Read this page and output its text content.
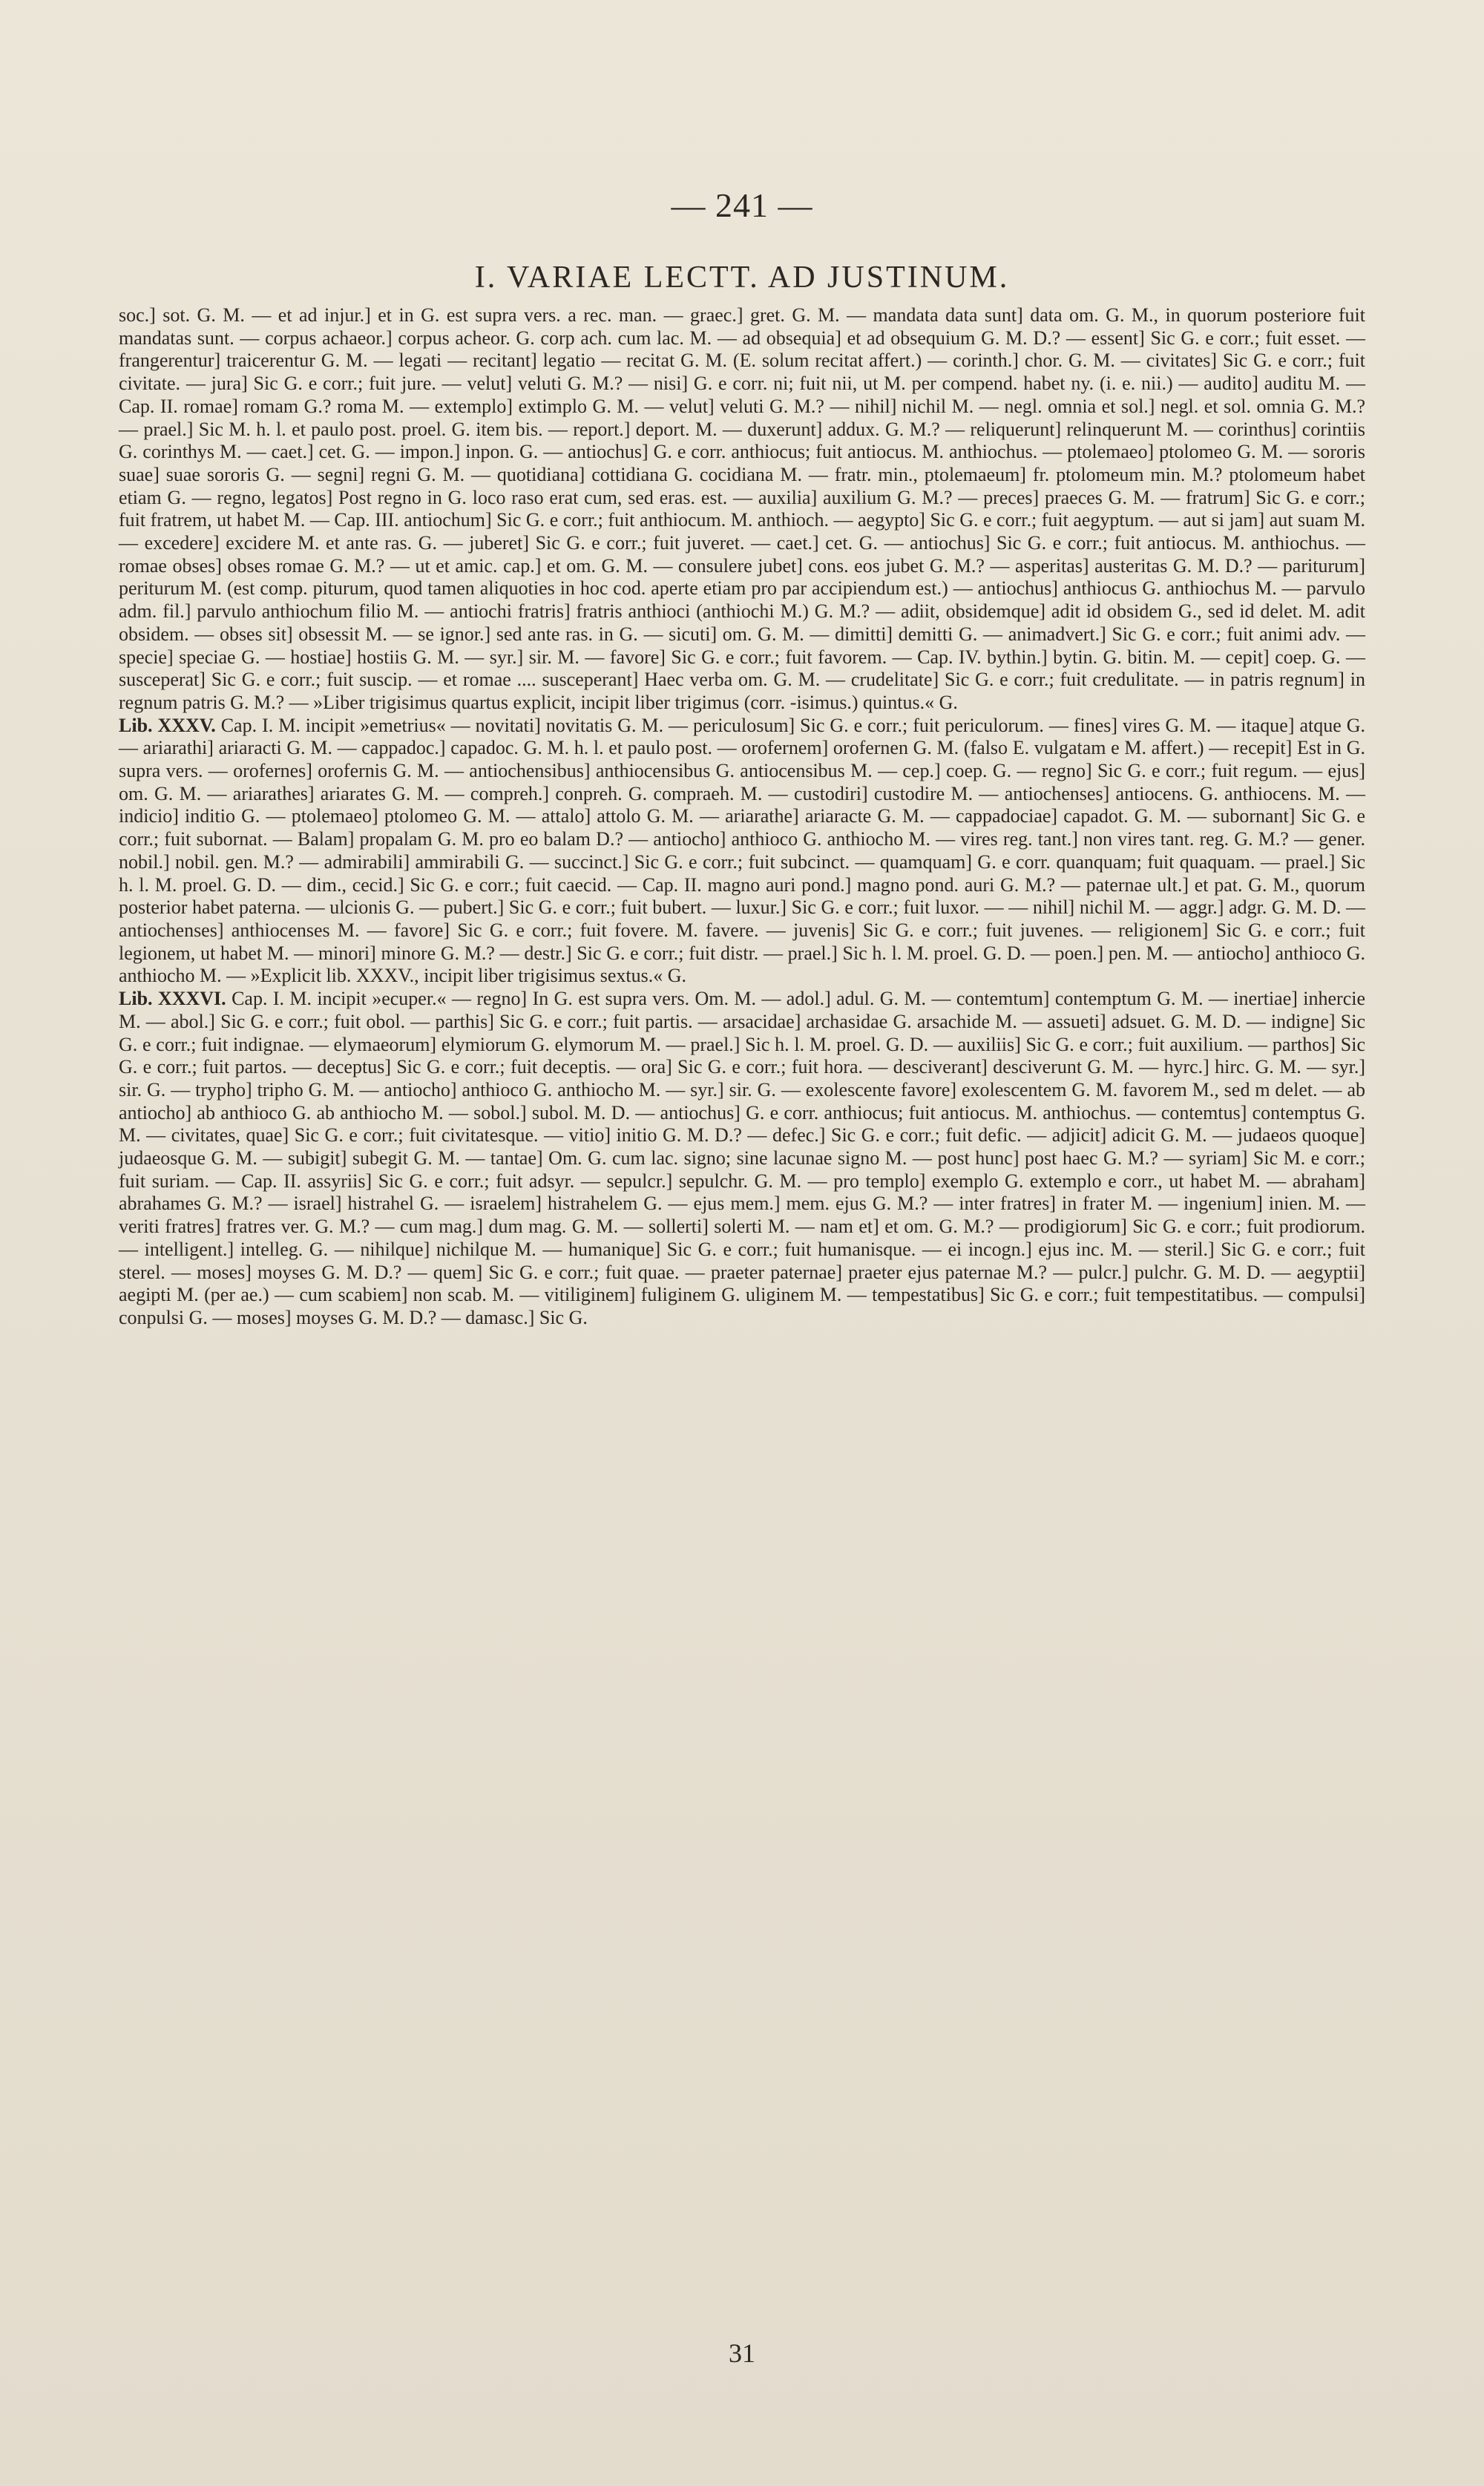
— 241 —
I. VARIAE LECTT. AD JUSTINUM.

soc.] sot. G. M. — et ad injur.] et in G. est supra vers. a rec. man. — graec.] gret. G. M. — mandata data sunt] data om. G. M., in quorum posteriore fuit mandatas sunt. — corpus achaeor.] corpus acheor. G. corp ach. cum lac. M. — ad obsequia] et ad obsequium G. M. D.? — essent] Sic G. e corr.; fuit esset. — frangerentur] traicerentur G. M. — legati — recitant] legatio — recitat G. M. (E. solum recitat affert.) — corinth.] chor. G. M. — civitates] Sic G. e corr.; fuit civitate. — jura] Sic G. e corr.; fuit jure. — velut] veluti G. M.? — nisi] G. e corr. ni; fuit nii, ut M. per compend. habet ny. (i. e. nii.) — audito] auditu M. — Cap. II. romae] romam G.? roma M. — extemplo] extimplo G. M. — velut] veluti G. M.? — nihil] nichil M. — negl. omnia et sol.] negl. et sol. omnia G. M.? — prael.] Sic M. h. l. et paulo post. proel. G. item bis. — report.] deport. M. — duxerunt] addux. G. M.? — reliquerunt] relinquerunt M. — corinthus] corintiis G. corinthys M. — caet.] cet. G. — impon.] inpon. G. — antiochus] G. e corr. anthiocus; fuit antiocus. M. anthiochus. — ptolemaeo] ptolomeo G. M. — sororis suae] suae sororis G. — segni] regni G. M. — quotidiana] cottidiana G. cocidiana M. — fratr. min., ptolemaeum] fr. ptolomeum min. M.? ptolomeum habet etiam G. — regno, legatos] Post regno in G. loco raso erat cum, sed eras. est. — auxilia] auxilium G. M.? — preces] praeces G. M. — fratrum] Sic G. e corr.; fuit fratrem, ut habet M. — Cap. III. antiochum] Sic G. e corr.; fuit anthiocum. M. anthioch. — aegypto] Sic G. e corr.; fuit aegyptum. — aut si jam] aut suam M. — excedere] excidere M. et ante ras. G. — juberet] Sic G. e corr.; fuit juveret. — caet.] cet. G. — antiochus] Sic G. e corr.; fuit antiocus. M. anthiochus. — romae obses] obses romae G. M.? — ut et amic. cap.] et om. G. M. — consulere jubet] cons. eos jubet G. M.? — asperitas] austeritas G. M. D.? — pariturum] periturum M. (est comp. piturum, quod tamen aliquoties in hoc cod. aperte etiam pro par accipiendum est.) — antiochus] anthiocus G. anthiochus M. — parvulo adm. fil.] parvulo anthiochum filio M. — antiochi fratris] fratris anthioci (anthiochi M.) G. M.? — adiit, obsidemque] adit id obsidem G., sed id delet. M. adit obsidem. — obses sit] obsessit M. — se ignor.] sed ante ras. in G. — sicuti] om. G. M. — dimitti] demitti G. — animadvert.] Sic G. e corr.; fuit animi adv. — specie] speciae G. — hostiae] hostiis G. M. — syr.] sir. M. — favore] Sic G. e corr.; fuit favorem. — Cap. IV. bythin.] bytin. G. bitin. M. — cepit] coep. G. — susceperat] Sic G. e corr.; fuit suscip. — et romae .... susceperant] Haec verba om. G. M. — crudelitate] Sic G. e corr.; fuit credulitate. — in patris regnum] in regnum patris G. M.? — »Liber trigisimus quartus explicit, incipit liber trigimus (corr. -isimus.) quintus.« G.

Lib. XXXV. Cap. I. M. incipit »emetrius« — novitati] novitatis G. M. — periculosum] Sic G. e corr.; fuit periculorum. — fines] vires G. M. — itaque] atque G. — ariarathi] ariaracti G. M. — cappadoc.] capadoc. G. M. h. l. et paulo post. — orofernem] orofernen G. M. (falso E. vulgatam e M. affert.) — recepit] Est in G. supra vers. — orofernes] orofernis G. M. — antiochensibus] anthiocensibus G. antiocensibus M. — cep.] coep. G. — regno] Sic G. e corr.; fuit regum. — ejus] om. G. M. — ariarathes] ariarates G. M. — compreh.] conpreh. G. compraeh. M. — custodiri] custodire M. — antiochenses] antiocens. G. anthiocens. M. — indicio] inditio G. — ptolemaeo] ptolomeo G. M. — attalo] attolo G. M. — ariarathe] ariaracte G. M. — cappadociae] capadot. G. M. — subornant] Sic G. e corr.; fuit subornat. — Balam] propalam G. M. pro eo balam D.? — antiocho] anthioco G. anthiocho M. — vires reg. tant.] non vires tant. reg. G. M.? — gener. nobil.] nobil. gen. M.? — admirabili] ammirabili G. — succinct.] Sic G. e corr.; fuit subcinct. — quamquam] G. e corr. quanquam; fuit quaquam. — prael.] Sic h. l. M. proel. G. D. — dim., cecid.] Sic G. e corr.; fuit caecid. — Cap. II. magno auri pond.] magno pond. auri G. M.? — paternae ult.] et pat. G. M., quorum posterior habet paterna. — ulcionis G. — pubert.] Sic G. e corr.; fuit bubert. — luxur.] Sic G. e corr.; fuit luxor. — — nihil] nichil M. — aggr.] adgr. G. M. D. — antiochenses] anthiocenses M. — favore] Sic G. e corr.; fuit fovere. M. favere. — juvenis] Sic G. e corr.; fuit juvenes. — religionem] Sic G. e corr.; fuit legionem, ut habet M. — minori] minore G. M.? — destr.] Sic G. e corr.; fuit distr. — prael.] Sic h. l. M. proel. G. D. — poen.] pen. M. — antiocho] anthioco G. anthiocho M. — »Explicit lib. XXXV., incipit liber trigisimus sextus.« G.

Lib. XXXVI. Cap. I. M. incipit »ecuper.« — regno] In G. est supra vers. Om. M. — adol.] adul. G. M. — contemtum] contemptum G. M. — inertiae] inhercie M. — abol.] Sic G. e corr.; fuit obol. — parthis] Sic G. e corr.; fuit partis. — arsacidae] archasidae G. arsachide M. — assueti] adsuet. G. M. D. — indigne] Sic G. e corr.; fuit indignae. — elymaeorum] elymiorum G. elymorum M. — prael.] Sic h. l. M. proel. G. D. — auxiliis] Sic G. e corr.; fuit auxilium. — parthos] Sic G. e corr.; fuit partos. — deceptus] Sic G. e corr.; fuit deceptis. — ora] Sic G. e corr.; fuit hora. — desciverant] desciverunt G. M. — hyrc.] hirc. G. M. — syr.] sir. G. — trypho] tripho G. M. — antiocho] anthioco G. anthiocho M. — syr.] sir. G. — exolescente favore] exolescentem G. M. favorem M., sed m delet. — ab antiocho] ab anthioco G. ab anthiocho M. — sobol.] subol. M. D. — antiochus] G. e corr. anthiocus; fuit antiocus. M. anthiochus. — contemtus] contemptus G. M. — civitates, quae] Sic G. e corr.; fuit civitatesque. — vitio] initio G. M. D.? — defec.] Sic G. e corr.; fuit defic. — adjicit] adicit G. M. — judaeos quoque] judaeosque G. M. — subigit] subegit G. M. — tantae] Om. G. cum lac. signo; sine lacunae signo M. — post hunc] post haec G. M.? — syriam] Sic M. e corr.; fuit suriam. — Cap. II. assyriis] Sic G. e corr.; fuit adsyr. — sepulcr.] sepulchr. G. M. — pro templo] exemplo G. extemplo e corr., ut habet M. — abraham] abrahames G. M.? — israel] histrahel G. — israelem] histrahelem G. — ejus mem.] mem. ejus G. M.? — inter fratres] in frater M. — ingenium] inien. M. — veriti fratres] fratres ver. G. M.? — cum mag.] dum mag. G. M. — sollerti] solerti M. — nam et] et om. G. M.? — prodigiorum] Sic G. e corr.; fuit prodiorum. — intelligent.] intelleg. G. — nihilque] nichilque M. — humanique] Sic G. e corr.; fuit humanisque. — ei incogn.] ejus inc. M. — steril.] Sic G. e corr.; fuit sterel. — moses] moyses G. M. D.? — quem] Sic G. e corr.; fuit quae. — praeter paternae] praeter ejus paternae M.? — pulcr.] pulchr. G. M. D. — aegyptii] aegipti M. (per ae.) — cum scabiem] non scab. M. — vitiliginem] fuliginem G. uliginem M. — tempestatibus] Sic G. e corr.; fuit tempestitatibus. — compulsi] conpulsi G. — moses] moyses G. M. D.? — damasc.] Sic G.

31
